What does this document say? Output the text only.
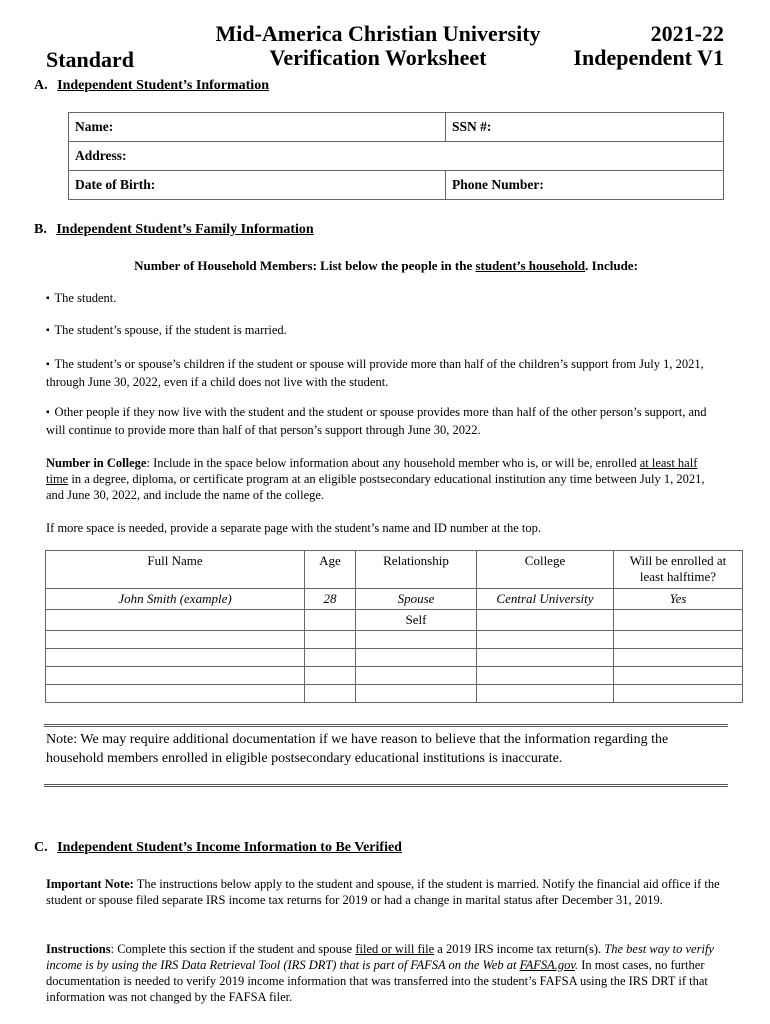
Standard
Mid-America Christian University
Verification Worksheet
2021-22
Independent V1
A. Independent Student’s Information
Name:	SSN #:
Address:	
Date of Birth:	Phone Number:
B. Independent Student’s Family Information
Number of Household Members: List below the people in the student’s household. Include:
▪ The student.
▪ The student’s spouse, if the student is married.
▪ The student’s or spouse’s children if the student or spouse will provide more than half of the children’s support from July 1, 2021, through June 30, 2022, even if a child does not live with the student.
▪ Other people if they now live with the student and the student or spouse provides more than half of the other person’s support, and will continue to provide more than half of that person’s support through June 30, 2022.
Number in College: Include in the space below information about any household member who is, or will be, enrolled at least half time in a degree, diploma, or certificate program at an eligible postsecondary educational institution any time between July 1, 2021, and June 30, 2022, and include the name of the college.
If more space is needed, provide a separate page with the student’s name and ID number at the top.
Full Name	Age	Relationship	College	Will be enrolled at least halftime?
John Smith (example)	28	Spouse	Central University	Yes
		Self		

Note: We may require additional documentation if we have reason to believe that the information regarding the household members enrolled in eligible postsecondary educational institutions is inaccurate.
C. Independent Student’s Income Information to Be Verified
Important Note: The instructions below apply to the student and spouse, if the student is married. Notify the financial aid office if the student or spouse filed separate IRS income tax returns for 2019 or had a change in marital status after December 31, 2019.
Instructions: Complete this section if the student and spouse filed or will file a 2019 IRS income tax return(s). The best way to verify income is by using the IRS Data Retrieval Tool (IRS DRT) that is part of FAFSA on the Web at FAFSA.gov. In most cases, no further documentation is needed to verify 2019 income information that was transferred into the student’s FAFSA using the IRS DRT if that information was not changed by the FAFSA filer.
